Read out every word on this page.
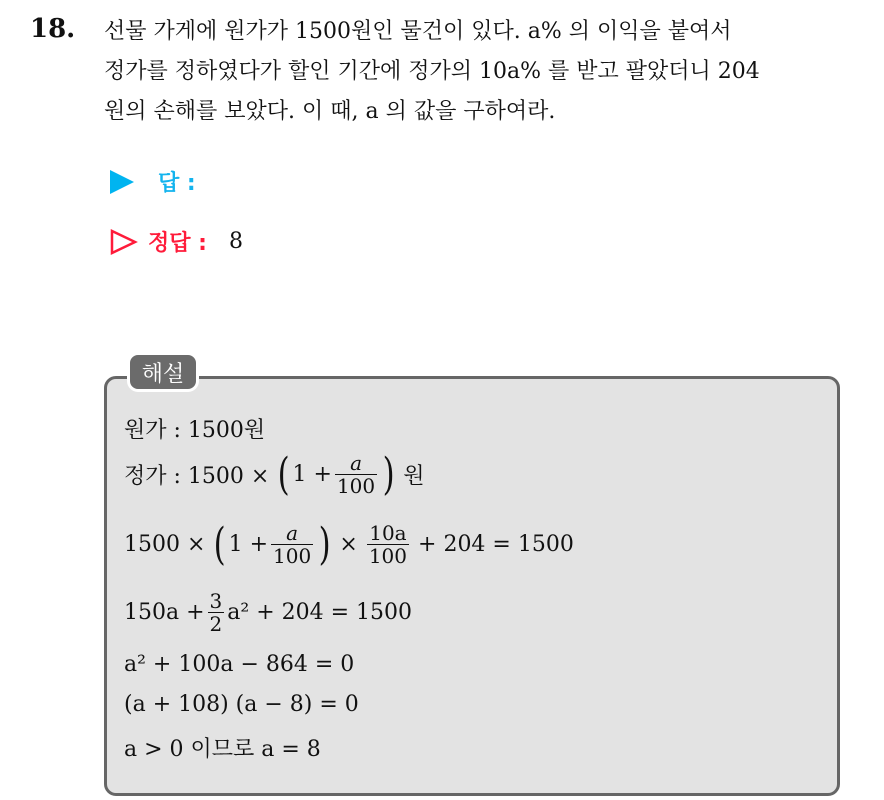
18. 선물 가게에 원가가 1500원인 물건이 있다. a% 의 이익을 붙여서
정가를 정하였다가 할인 기간에 정가의 10a% 를 받고 팔았더니 204
원의 손해를 보았다. 이 때, a 의 값을 구하여라.
답 :
정답 : 8
해설
원가 : 1500원
정가 : 1500 × ( $1 + \frac{a}{100}$ ) 원
1500 × ( $1 + \frac{a}{100}$ ) × $\frac{10a}{100} + 204 = 1500$
$150a + \frac{3}{2} a^2 + 204 = 1500$
a² + 100a − 864 = 0
(a + 108) (a − 8) = 0
a > 0 이므로 a = 8
